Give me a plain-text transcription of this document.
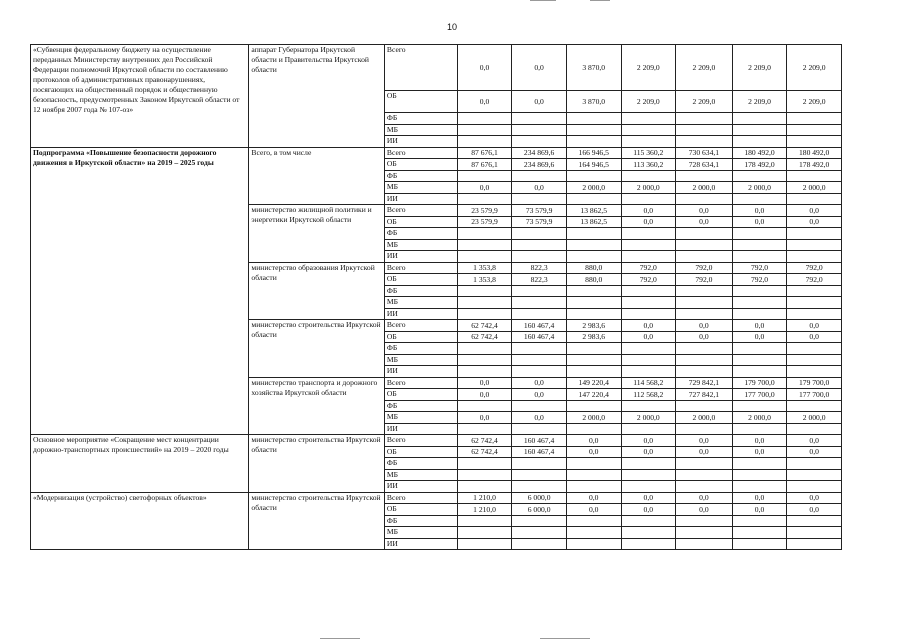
10
«Субвенция федеральному бюджету на осуществление переданных Министерству внутренних дел Российской Федерации полномочий Иркутской области по составлению протоколов об административных правонарушениях, посягающих на общественный порядок и общественную безопасность, предусмотренных Законом Иркутской области от 12 ноября 2007 года № 107-оз»	аппарат Губернатора Иркутской области и Правительства Иркутской области	Всего	0,0	0,0	3 870,0	2 209,0	2 209,0	2 209,0	2 209,0
		ОБ	0,0	0,0	3 870,0	2 209,0	2 209,0	2 209,0	2 209,0
		ФБ							
		МБ							
		ИИ							
Подпрограмма «Повышение безопасности дорожного движения в Иркутской области» на 2019 – 2025 годы	Всего, в том числе	Всего	87 676,1	234 869,6	166 946,5	115 360,2	730 634,1	180 492,0	180 492,0
		ОБ	87 676,1	234 869,6	164 946,5	113 360,2	728 634,1	178 492,0	178 492,0
		ФБ							
		МБ	0,0	0,0	2 000,0	2 000,0	2 000,0	2 000,0	2 000,0
		ИИ							
	министерство жилищной политики и энергетики Иркутской области	Всего	23 579,9	73 579,9	13 862,5	0,0	0,0	0,0	0,0
		ОБ	23 579,9	73 579,9	13 862,5	0,0	0,0	0,0	0,0
		ФБ							
		МБ							
		ИИ							
	министерство образования Иркутской области	Всего	1 353,8	822,3	880,0	792,0	792,0	792,0	792,0
		ОБ	1 353,8	822,3	880,0	792,0	792,0	792,0	792,0
		ФБ							
		МБ							
		ИИ							
	министерство строительства Иркутской области	Всего	62 742,4	160 467,4	2 983,6	0,0	0,0	0,0	0,0
		ОБ	62 742,4	160 467,4	2 983,6	0,0	0,0	0,0	0,0
		ФБ							
		МБ							
		ИИ							
	министерство транспорта и дорожного хозяйства Иркутской области	Всего	0,0	0,0	149 220,4	114 568,2	729 842,1	179 700,0	179 700,0
		ОБ	0,0	0,0	147 220,4	112 568,2	727 842,1	177 700,0	177 700,0
		ФБ							
		МБ	0,0	0,0	2 000,0	2 000,0	2 000,0	2 000,0	2 000,0
		ИИ							
Основное мероприятие «Сокращение мест концентрации дорожно-транспортных происшествий» на 2019 – 2020 годы	министерство строительства Иркутской области	Всего	62 742,4	160 467,4	0,0	0,0	0,0	0,0	0,0
		ОБ	62 742,4	160 467,4	0,0	0,0	0,0	0,0	0,0
		ФБ							
		МБ							
		ИИ							
«Модернизация (устройство) светофорных объектов»	министерство строительства Иркутской области	Всего	1 210,0	6 000,0	0,0	0,0	0,0	0,0	0,0
		ОБ	1 210,0	6 000,0	0,0	0,0	0,0	0,0	0,0
		ФБ							
		МБ							
		ИИ							
